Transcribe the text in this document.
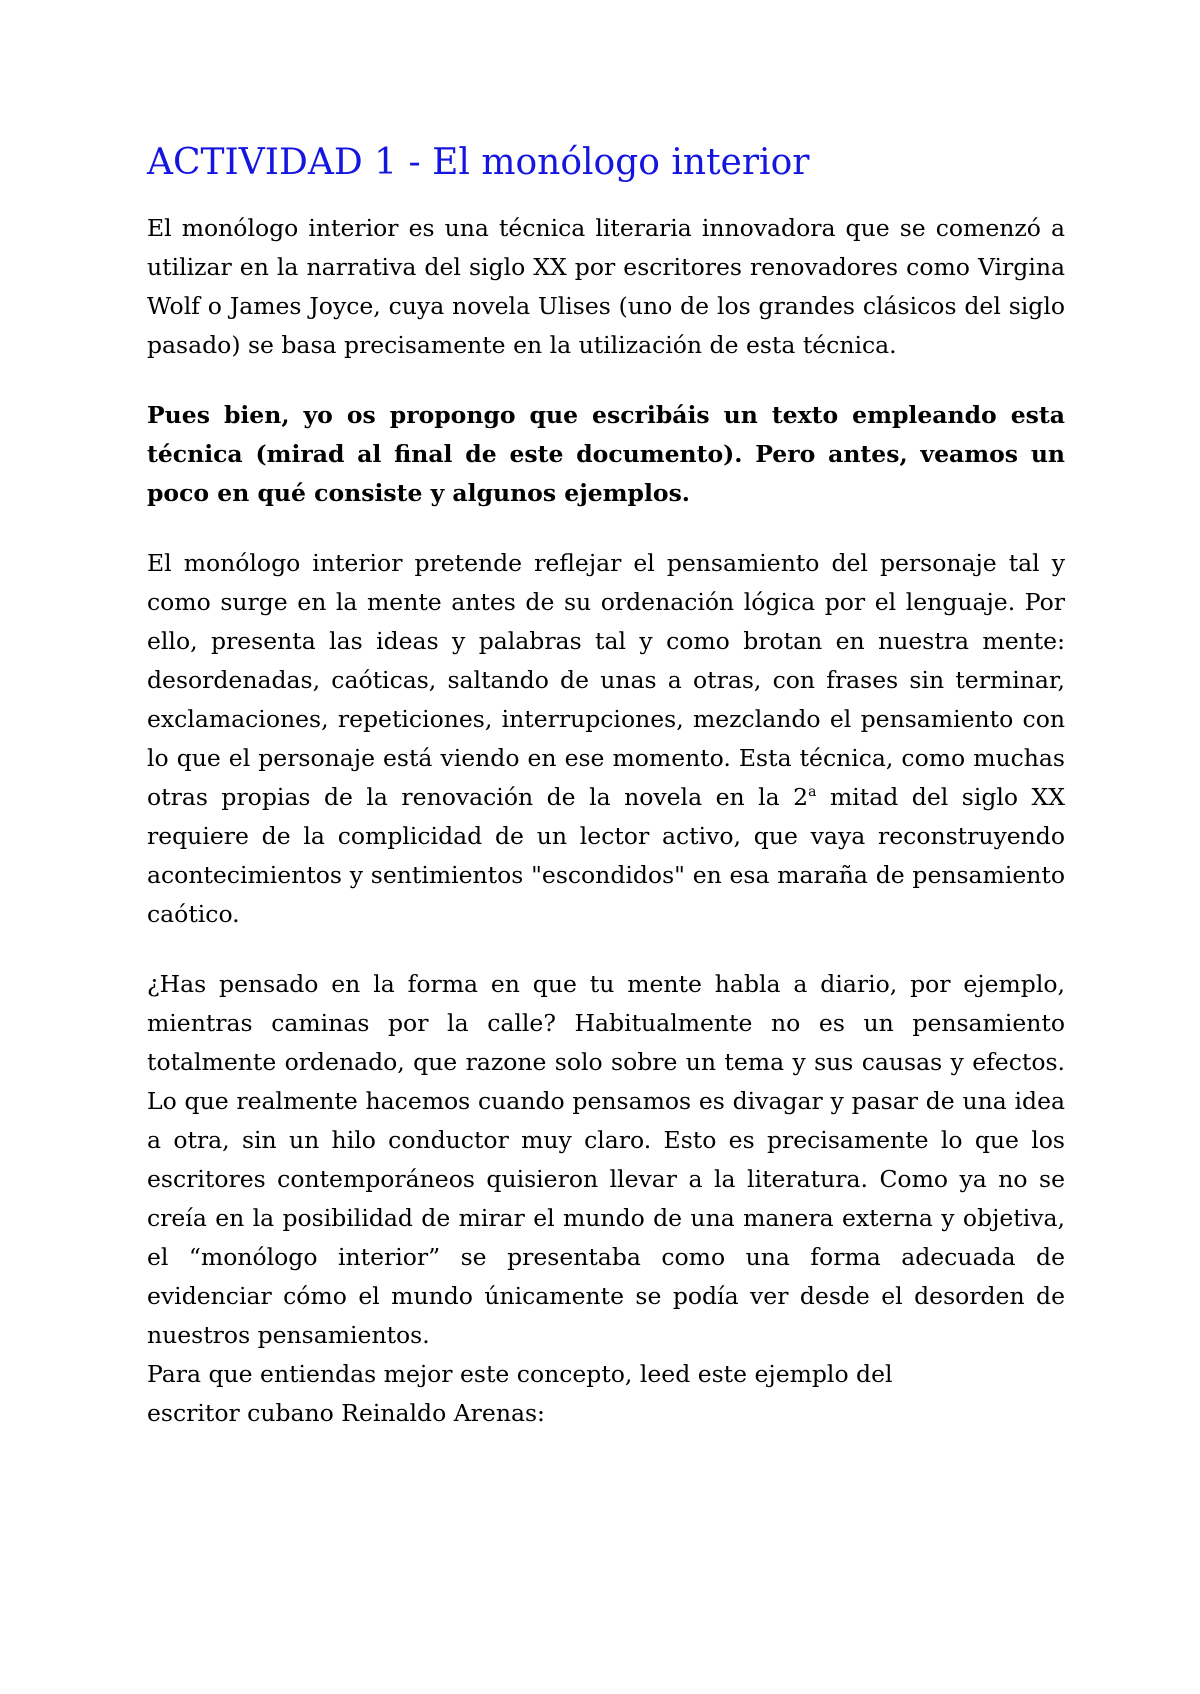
ACTIVIDAD 1 - El monólogo interior

El monólogo interior es una técnica literaria innovadora que se comenzó a utilizar en la narrativa del siglo XX por escritores renovadores como Virgina Wolf o James Joyce, cuya novela Ulises (uno de los grandes clásicos del siglo pasado) se basa precisamente en la utilización de esta técnica.

Pues bien, yo os propongo que escribáis un texto empleando esta técnica (mirad al final de este documento). Pero antes, veamos un poco en qué consiste y algunos ejemplos.

El monólogo interior pretende reflejar el pensamiento del personaje tal y como surge en la mente antes de su ordenación lógica por el lenguaje. Por ello, presenta las ideas y palabras tal y como brotan en nuestra mente: desordenadas, caóticas, saltando de unas a otras, con frases sin terminar, exclamaciones, repeticiones, interrupciones, mezclando el pensamiento con lo que el personaje está viendo en ese momento. Esta técnica, como muchas otras propias de la renovación de la novela en la 2$^a$ mitad del siglo XX requiere de la complicidad de un lector activo, que vaya reconstruyendo acontecimientos y sentimientos "escondidos" en esa maraña de pensamiento caótico.

¿Has pensado en la forma en que tu mente habla a diario, por ejemplo, mientras caminas por la calle? Habitualmente no es un pensamiento totalmente ordenado, que razone solo sobre un tema y sus causas y efectos. Lo que realmente hacemos cuando pensamos es divagar y pasar de una idea a otra, sin un hilo conductor muy claro. Esto es precisamente lo que los escritores contemporáneos quisieron llevar a la literatura. Como ya no se creía en la posibilidad de mirar el mundo de una manera externa y objetiva, el “monólogo interior” se presentaba como una forma adecuada de evidenciar cómo el mundo únicamente se podía ver desde el desorden de nuestros pensamientos.

Para que entiendas mejor este concepto, leed este ejemplo del

escritor cubano Reinaldo Arenas:
